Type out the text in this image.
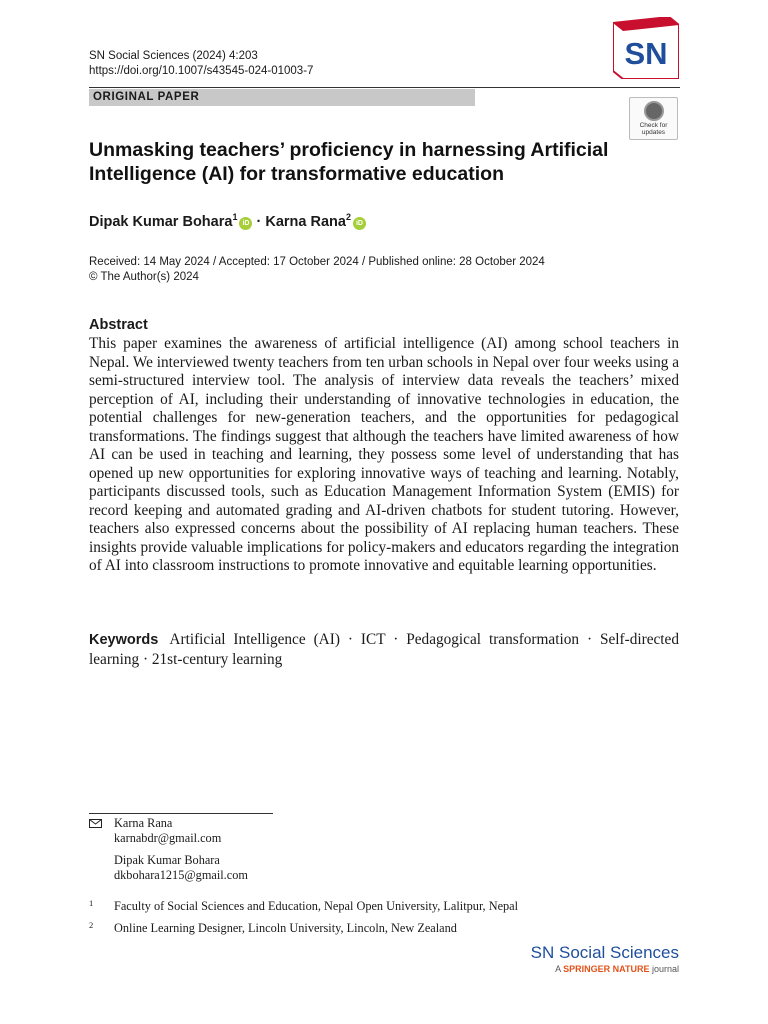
SN Social Sciences (2024) 4:203
https://doi.org/10.1007/s43545-024-01003-7	SN
ORIGINAL PAPER
Check for
updates
Unmasking teachers’ proficiency in harnessing Artificial Intelligence (AI) for transformative education
Dipak Kumar Bohara$^1$iD · Karna Rana$^2$iD
Received: 14 May 2024 / Accepted: 17 October 2024 / Published online: 28 October 2024
© The Author(s) 2024
Abstract
This paper examines the awareness of artificial intelligence (AI) among school teachers in Nepal. We interviewed twenty teachers from ten urban schools in Nepal over four weeks using a semi-structured interview tool. The analysis of interview data reveals the teachers’ mixed perception of AI, including their understanding of innovative technologies in education, the potential challenges for new-generation teachers, and the opportunities for pedagogical transformations. The findings suggest that although the teachers have limited awareness of how AI can be used in teaching and learning, they possess some level of understanding that has opened up new opportunities for exploring innovative ways of teaching and learning. Notably, participants discussed tools, such as Education Management Information System (EMIS) for record keeping and automated grading and AI-driven chatbots for student tutoring. However, teachers also expressed concerns about the possibility of AI replacing human teachers. These insights provide valuable implications for policy-makers and educators regarding the integration of AI into classroom instructions to promote innovative and equitable learning opportunities.
Keywords Artificial Intelligence (AI) · ICT · Pedagogical transformation · Self-directed learning · 21st-century learning
Karna Rana
karnabdr@gmail.com
Dipak Kumar Bohara
dkbohara1215@gmail.com
1 Faculty of Social Sciences and Education, Nepal Open University, Lalitpur, Nepal
2 Online Learning Designer, Lincoln University, Lincoln, New Zealand
SN Social Sciences
A SPRINGER NATURE journal
